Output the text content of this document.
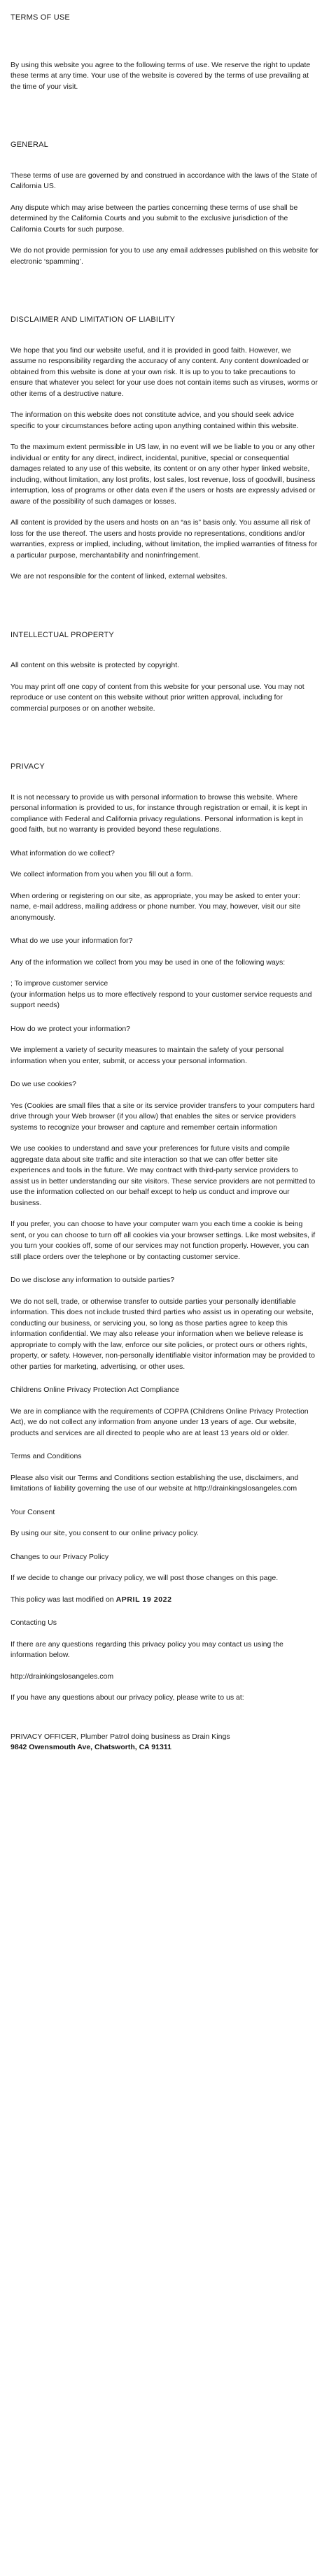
TERMS OF USE

By using this website you agree to the following terms of use. We reserve the right to update these terms at any time. Your use of the website is covered by the terms of use prevailing at the time of your visit.

GENERAL

These terms of use are governed by and construed in accordance with the laws of the State of California US.

Any dispute which may arise between the parties concerning these terms of use shall be determined by the California Courts and you submit to the exclusive jurisdiction of the California Courts for such purpose.

We do not provide permission for you to use any email addresses published on this website for electronic ‘spamming’.

DISCLAIMER AND LIMITATION OF LIABILITY

We hope that you find our website useful, and it is provided in good faith. However, we assume no responsibility regarding the accuracy of any content. Any content downloaded or obtained from this website is done at your own risk. It is up to you to take precautions to ensure that whatever you select for your use does not contain items such as viruses, worms or other items of a destructive nature.

The information on this website does not constitute advice, and you should seek advice specific to your circumstances before acting upon anything contained within this website.

To the maximum extent permissible in US law, in no event will we be liable to you or any other individual or entity for any direct, indirect, incidental, punitive, special or consequential damages related to any use of this website, its content or on any other hyper linked website, including, without limitation, any lost profits, lost sales, lost revenue, loss of goodwill, business interruption, loss of programs or other data even if the users or hosts are expressly advised or aware of the possibility of such damages or losses.

All content is provided by the users and hosts on an “as is” basis only. You assume all risk of loss for the use thereof. The users and hosts provide no representations, conditions and/or warranties, express or implied, including, without limitation, the implied warranties of fitness for a particular purpose, merchantability and noninfringement.

We are not responsible for the content of linked, external websites.

INTELLECTUAL PROPERTY

All content on this website is protected by copyright.

You may print off one copy of content from this website for your personal use. You may not reproduce or use content on this website without prior written approval, including for commercial purposes or on another website.

PRIVACY

It is not necessary to provide us with personal information to browse this website. Where personal information is provided to us, for instance through registration or email, it is kept in compliance with Federal and California privacy regulations. Personal information is kept in good faith, but no warranty is provided beyond these regulations.

What information do we collect?

We collect information from you when you fill out a form.

When ordering or registering on our site, as appropriate, you may be asked to enter your: name, e-mail address, mailing address or phone number. You may, however, visit our site anonymously.

What do we use your information for?

Any of the information we collect from you may be used in one of the following ways:

; To improve customer service
(your information helps us to more effectively respond to your customer service requests and support needs)

How do we protect your information?

We implement a variety of security measures to maintain the safety of your personal information when you enter, submit, or access your personal information.

Do we use cookies?

Yes (Cookies are small files that a site or its service provider transfers to your computers hard drive through your Web browser (if you allow) that enables the sites or service providers systems to recognize your browser and capture and remember certain information

We use cookies to understand and save your preferences for future visits and compile aggregate data about site traffic and site interaction so that we can offer better site experiences and tools in the future. We may contract with third-party service providers to assist us in better understanding our site visitors. These service providers are not permitted to use the information collected on our behalf except to help us conduct and improve our business.

If you prefer, you can choose to have your computer warn you each time a cookie is being sent, or you can choose to turn off all cookies via your browser settings. Like most websites, if you turn your cookies off, some of our services may not function properly. However, you can still place orders over the telephone or by contacting customer service.

Do we disclose any information to outside parties?

We do not sell, trade, or otherwise transfer to outside parties your personally identifiable information. This does not include trusted third parties who assist us in operating our website, conducting our business, or servicing you, so long as those parties agree to keep this information confidential. We may also release your information when we believe release is appropriate to comply with the law, enforce our site policies, or protect ours or others rights, property, or safety. However, non-personally identifiable visitor information may be provided to other parties for marketing, advertising, or other uses.

Childrens Online Privacy Protection Act Compliance

We are in compliance with the requirements of COPPA (Childrens Online Privacy Protection Act), we do not collect any information from anyone under 13 years of age. Our website, products and services are all directed to people who are at least 13 years old or older.

Terms and Conditions

Please also visit our Terms and Conditions section establishing the use, disclaimers, and limitations of liability governing the use of our website at http://drainkingslosangeles.com

Your Consent

By using our site, you consent to our online privacy policy.

Changes to our Privacy Policy

If we decide to change our privacy policy, we will post those changes on this page.

This policy was last modified on APRIL 19 2022

Contacting Us

If there are any questions regarding this privacy policy you may contact us using the information below.

http://drainkingslosangeles.com

If you have any questions about our privacy policy, please write to us at:

PRIVACY OFFICER, Plumber Patrol doing business as Drain Kings
9842 Owensmouth Ave, Chatsworth, CA 91311
